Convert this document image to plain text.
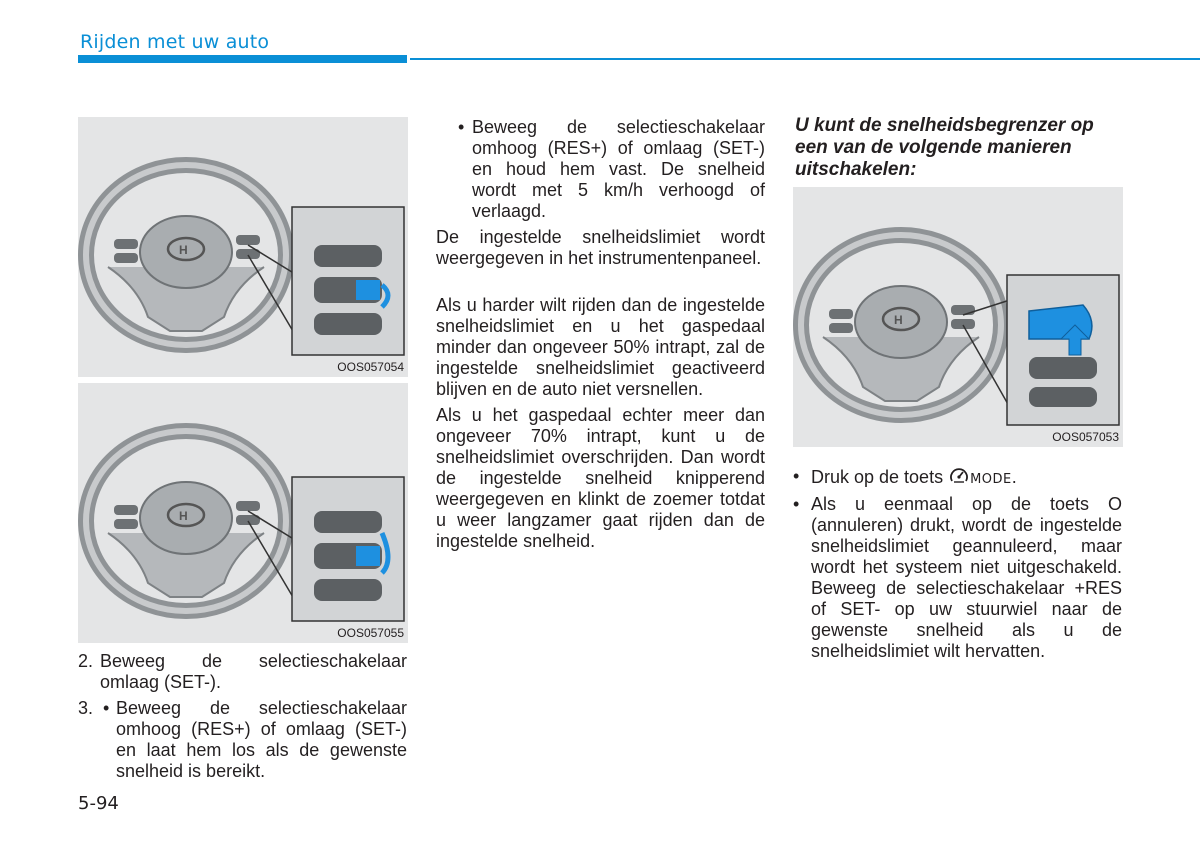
Rijden met uw auto
H
OOS057054
H
OOS057055
H
OOS057053
2. Beweeg de selectieschakelaar omlaag (SET-).

3. • Beweeg de selectieschakelaar omhoog (RES+) of omlaag (SET-) en laat hem los als de gewenste snelheid is bereikt.

• Beweeg de selectieschakelaar omhoog (RES+) of omlaag (SET-) en houd hem vast. De snelheid wordt met 5 km/h verhoogd of verlaagd.

De ingestelde snelheidslimiet wordt weergegeven in het instrumentenpaneel.

Als u harder wilt rijden dan de ingestelde snelheidslimiet en u het gaspedaal minder dan ongeveer 50% intrapt, zal de ingestelde snelheidslimiet geactiveerd blijven en de auto niet versnellen.

Als u het gaspedaal echter meer dan ongeveer 70% intrapt, kunt u de snelheidslimiet overschrijden. Dan wordt de ingestelde snelheid knipperend weergegeven en klinkt de zoemer totdat u weer langzamer gaat rijden dan de ingestelde snelheid.

U kunt de snelheidsbegrenzer op een van de volgende manieren uitschakelen:
• Druk op de toets MODE.

• Als u eenmaal op de toets O (annuleren) drukt, wordt de ingestelde snelheidslimiet geannuleerd, maar wordt het systeem niet uitgeschakeld. Beweeg de selectieschakelaar +RES of SET- op uw stuurwiel naar de gewenste snelheid als u de snelheidslimiet wilt hervatten.

5-94
